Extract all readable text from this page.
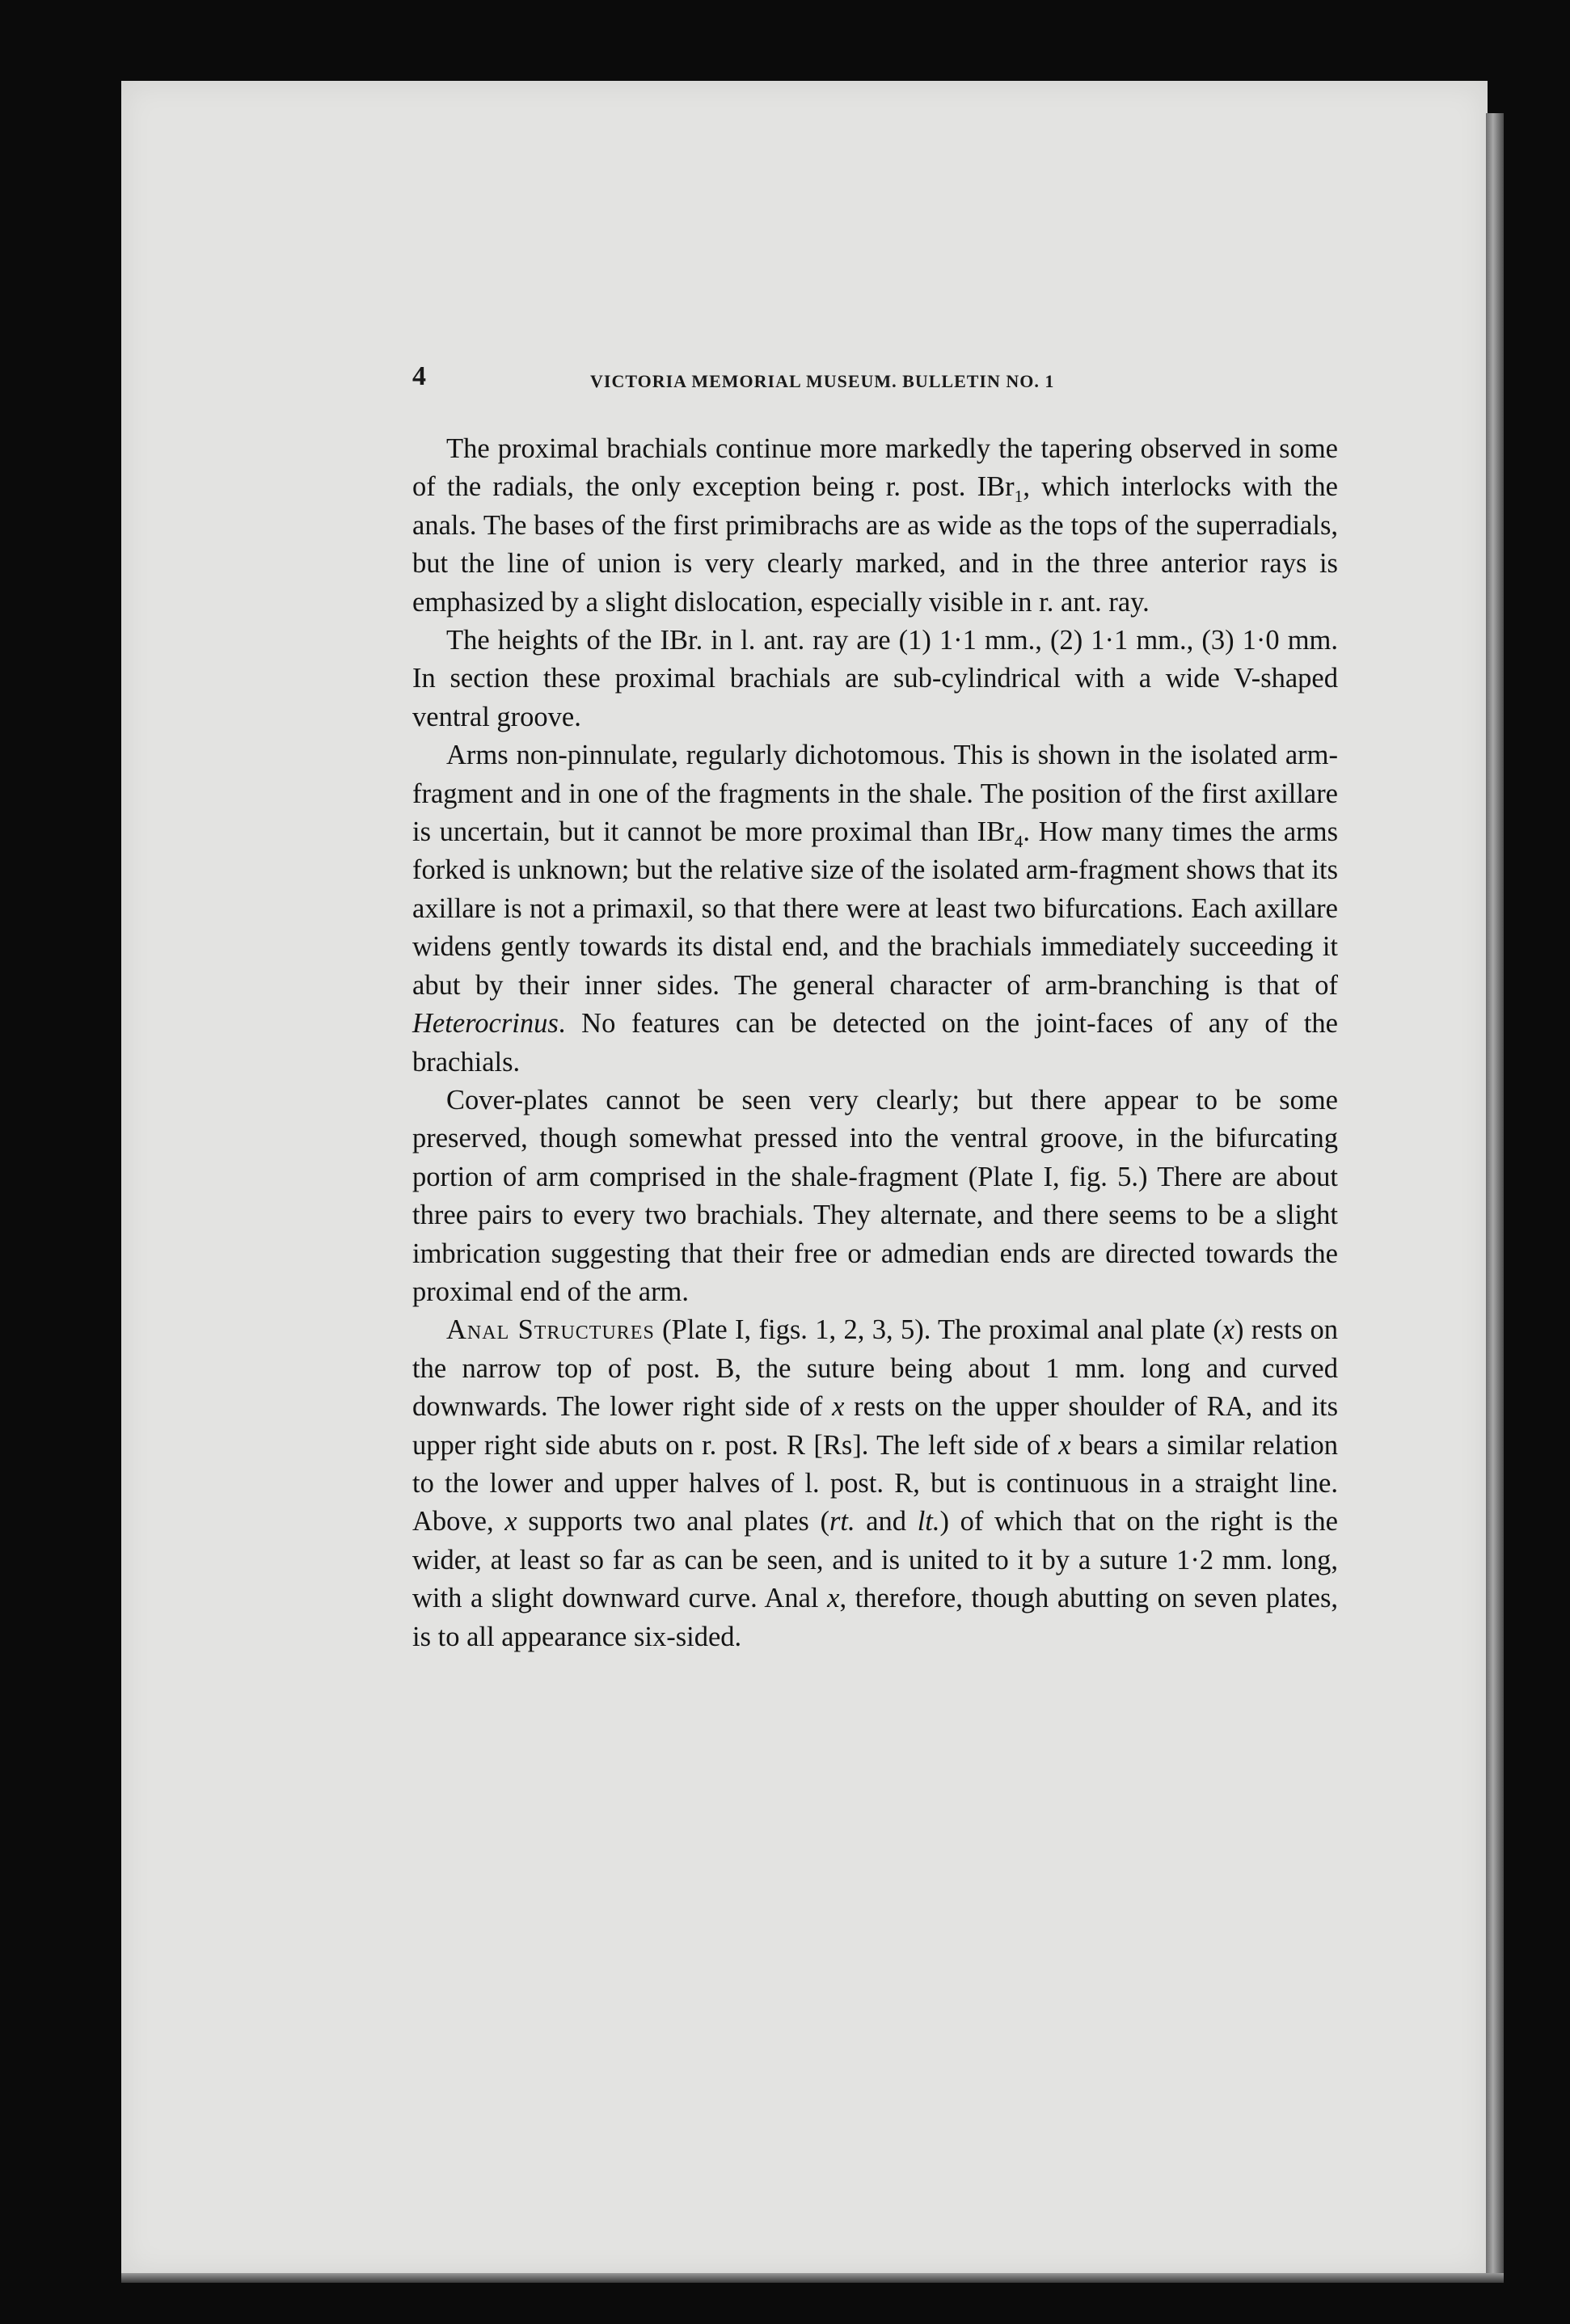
4	VICTORIA MEMORIAL MUSEUM. BULLETIN NO. 1

The proximal brachials continue more markedly the tapering observed in some of the radials, the only exception being r. post. IBr$_1$, which interlocks with the anals. The bases of the first primibrachs are as wide as the tops of the superradials, but the line of union is very clearly marked, and in the three anterior rays is emphasized by a slight dislocation, especially visible in r. ant. ray.

The heights of the IBr. in l. ant. ray are (1) 1·1 mm., (2) 1·1 mm., (3) 1·0 mm. In section these proximal brachials are sub-cylindrical with a wide V-shaped ventral groove.

Arms non-pinnulate, regularly dichotomous. This is shown in the isolated arm-fragment and in one of the fragments in the shale. The position of the first axillare is uncertain, but it cannot be more proximal than IBr$_4$. How many times the arms forked is unknown; but the relative size of the isolated arm-fragment shows that its axillare is not a primaxil, so that there were at least two bifurcations. Each axillare widens gently towards its distal end, and the brachials immediately succeeding it abut by their inner sides. The general character of arm-branching is that of Heterocrinus. No features can be detected on the joint-faces of any of the brachials.

Cover-plates cannot be seen very clearly; but there appear to be some preserved, though somewhat pressed into the ventral groove, in the bifurcating portion of arm comprised in the shale-fragment (Plate I, fig. 5.) There are about three pairs to every two brachials. They alternate, and there seems to be a slight imbrication suggesting that their free or admedian ends are directed towards the proximal end of the arm.

Anal Structures (Plate I, figs. 1, 2, 3, 5). The proximal anal plate (x) rests on the narrow top of post. B, the suture being about 1 mm. long and curved downwards. The lower right side of x rests on the upper shoulder of RA, and its upper right side abuts on r. post. R [Rs]. The left side of x bears a similar relation to the lower and upper halves of l. post. R, but is continuous in a straight line. Above, x supports two anal plates (rt. and lt.) of which that on the right is the wider, at least so far as can be seen, and is united to it by a suture 1·2 mm. long, with a slight downward curve. Anal x, therefore, though abutting on seven plates, is to all appearance six-sided.
